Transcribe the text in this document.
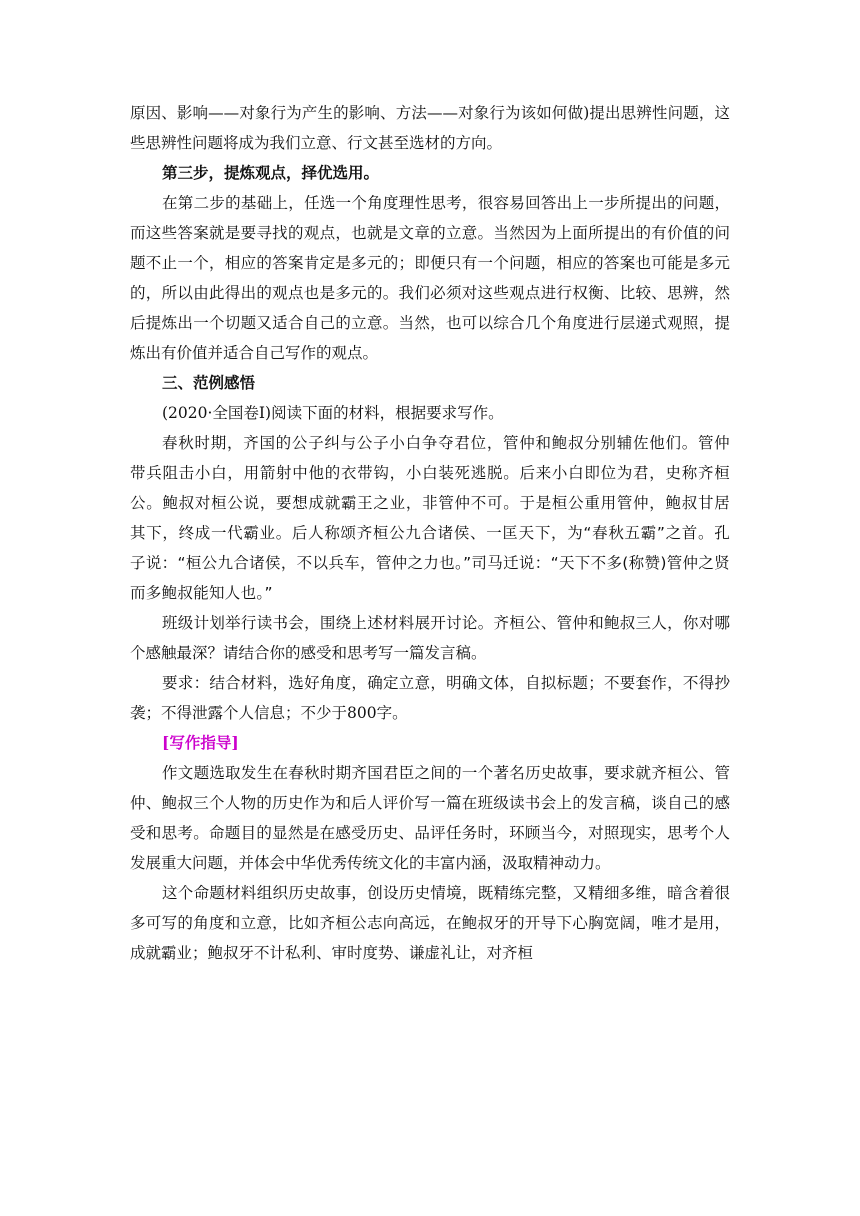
原因、影响——对象行为产生的影响、方法——对象行为该如何做)提出思辨性问题，这些思辨性问题将成为我们立意、行文甚至选材的方向。

第三步，提炼观点，择优选用。

在第二步的基础上，任选一个角度理性思考，很容易回答出上一步所提出的问题，而这些答案就是要寻找的观点，也就是文章的立意。当然因为上面所提出的有价值的问题不止一个，相应的答案肯定是多元的；即便只有一个问题，相应的答案也可能是多元的，所以由此得出的观点也是多元的。我们必须对这些观点进行权衡、比较、思辨，然后提炼出一个切题又适合自己的立意。当然，也可以综合几个角度进行层递式观照，提炼出有价值并适合自己写作的观点。

三、范例感悟

(2020·全国卷Ⅰ)阅读下面的材料，根据要求写作。

春秋时期，齐国的公子纠与公子小白争夺君位，管仲和鲍叔分别辅佐他们。管仲带兵阻击小白，用箭射中他的衣带钩，小白装死逃脱。后来小白即位为君，史称齐桓公。鲍叔对桓公说，要想成就霸王之业，非管仲不可。于是桓公重用管仲，鲍叔甘居其下，终成一代霸业。后人称颂齐桓公九合诸侯、一匡天下，为“春秋五霸”之首。孔子说：“桓公九合诸侯，不以兵车，管仲之力也。”司马迁说：“天下不多(称赞)管仲之贤而多鲍叔能知人也。”

班级计划举行读书会，围绕上述材料展开讨论。齐桓公、管仲和鲍叔三人，你对哪个感触最深？请结合你的感受和思考写一篇发言稿。

要求：结合材料，选好角度，确定立意，明确文体，自拟标题；不要套作，不得抄袭；不得泄露个人信息；不少于800字。

[写作指导]

作文题选取发生在春秋时期齐国君臣之间的一个著名历史故事，要求就齐桓公、管仲、鲍叔三个人物的历史作为和后人评价写一篇在班级读书会上的发言稿，谈自己的感受和思考。命题目的显然是在感受历史、品评任务时，环顾当今，对照现实，思考个人发展重大问题，并体会中华优秀传统文化的丰富内涵，汲取精神动力。

这个命题材料组织历史故事，创设历史情境，既精练完整，又精细多维，暗含着很多可写的角度和立意，比如齐桓公志向高远，在鲍叔牙的开导下心胸宽阔，唯才是用，成就霸业；鲍叔牙不计私利、审时度势、谦虚礼让，对齐桓
